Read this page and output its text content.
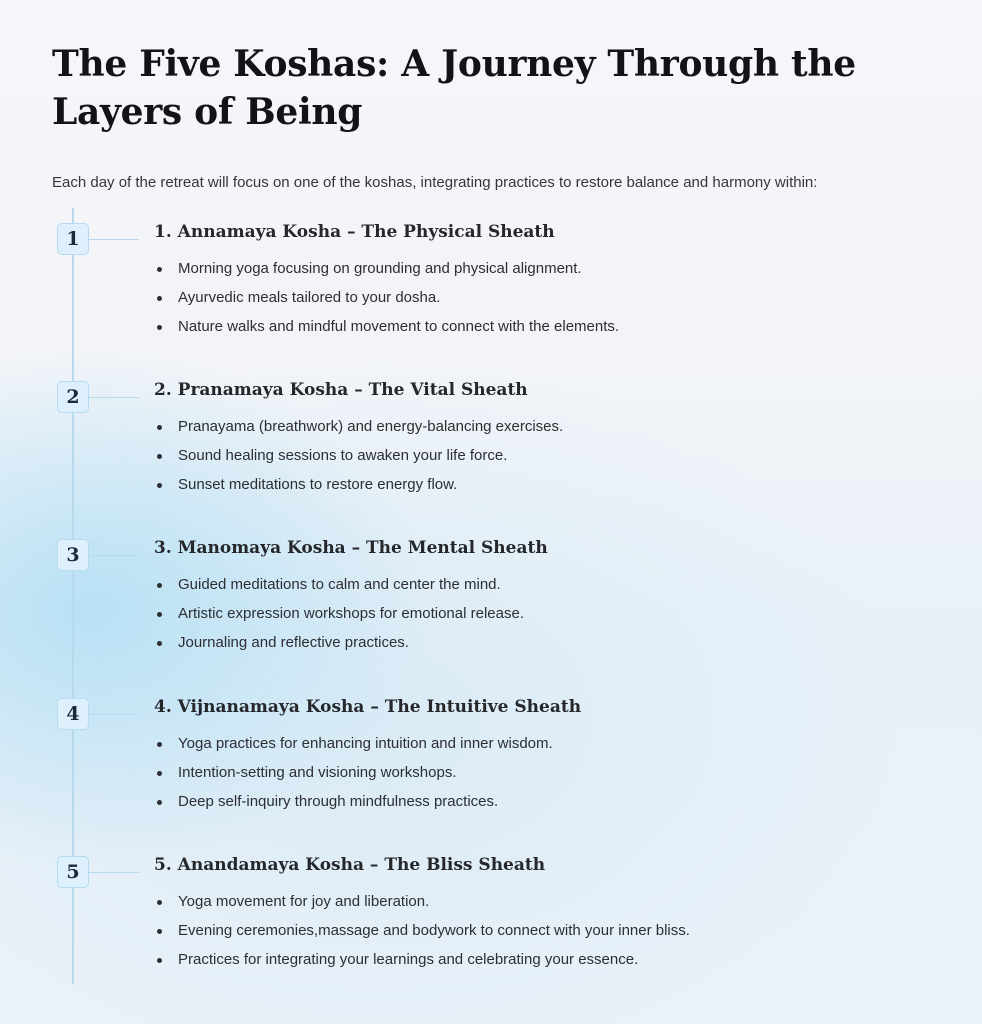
The Five Koshas: A Journey Through the Layers of Being

Each day of the retreat will focus on one of the koshas, integrating practices to restore balance and harmony within:

1	1. Annamaya Kosha – The Physical Sheath
Morning yoga focusing on grounding and physical alignment.
Ayurvedic meals tailored to your dosha.
Nature walks and mindful movement to connect with the elements.
2	2. Pranamaya Kosha – The Vital Sheath
Pranayama (breathwork) and energy-balancing exercises.
Sound healing sessions to awaken your life force.
Sunset meditations to restore energy flow.
3	3. Manomaya Kosha – The Mental Sheath
Guided meditations to calm and center the mind.
Artistic expression workshops for emotional release.
Journaling and reflective practices.
4	4. Vijnanamaya Kosha – The Intuitive Sheath
Yoga practices for enhancing intuition and inner wisdom.
Intention-setting and visioning workshops.
Deep self-inquiry through mindfulness practices.
5	5. Anandamaya Kosha – The Bliss Sheath
Yoga movement for joy and liberation.
Evening ceremonies,massage and bodywork to connect with your inner bliss.
Practices for integrating your learnings and celebrating your essence.
